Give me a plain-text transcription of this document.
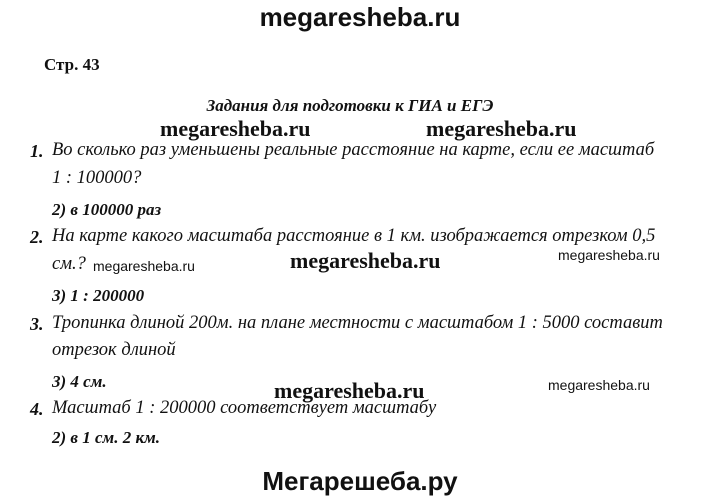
megaresheba.ru
megaresheba.ru	megaresheba.ru
megaresheba.ru	megaresheba.ru	megaresheba.ru
megaresheba.ru	megaresheba.ru
Стр. 43
Задания для подготовки к ГИА и ЕГЭ
1. Во сколько раз уменьшены реальные расстояние на карте, если ее масштаб
1 : 100000?
2) в 100000 раз
2. На карте какого масштаба расстояние в 1 км. изображается отрезком 0,5
см.?
3) 1 : 200000
3. Тропинка длиной 200м. на плане местности с масштабом 1 : 5000 составит
отрезок длиной
3) 4 см.
4. Масштаб 1 : 200000 соответствует масштабу
2) в 1 см. 2 км.
Мегарешеба.ру
